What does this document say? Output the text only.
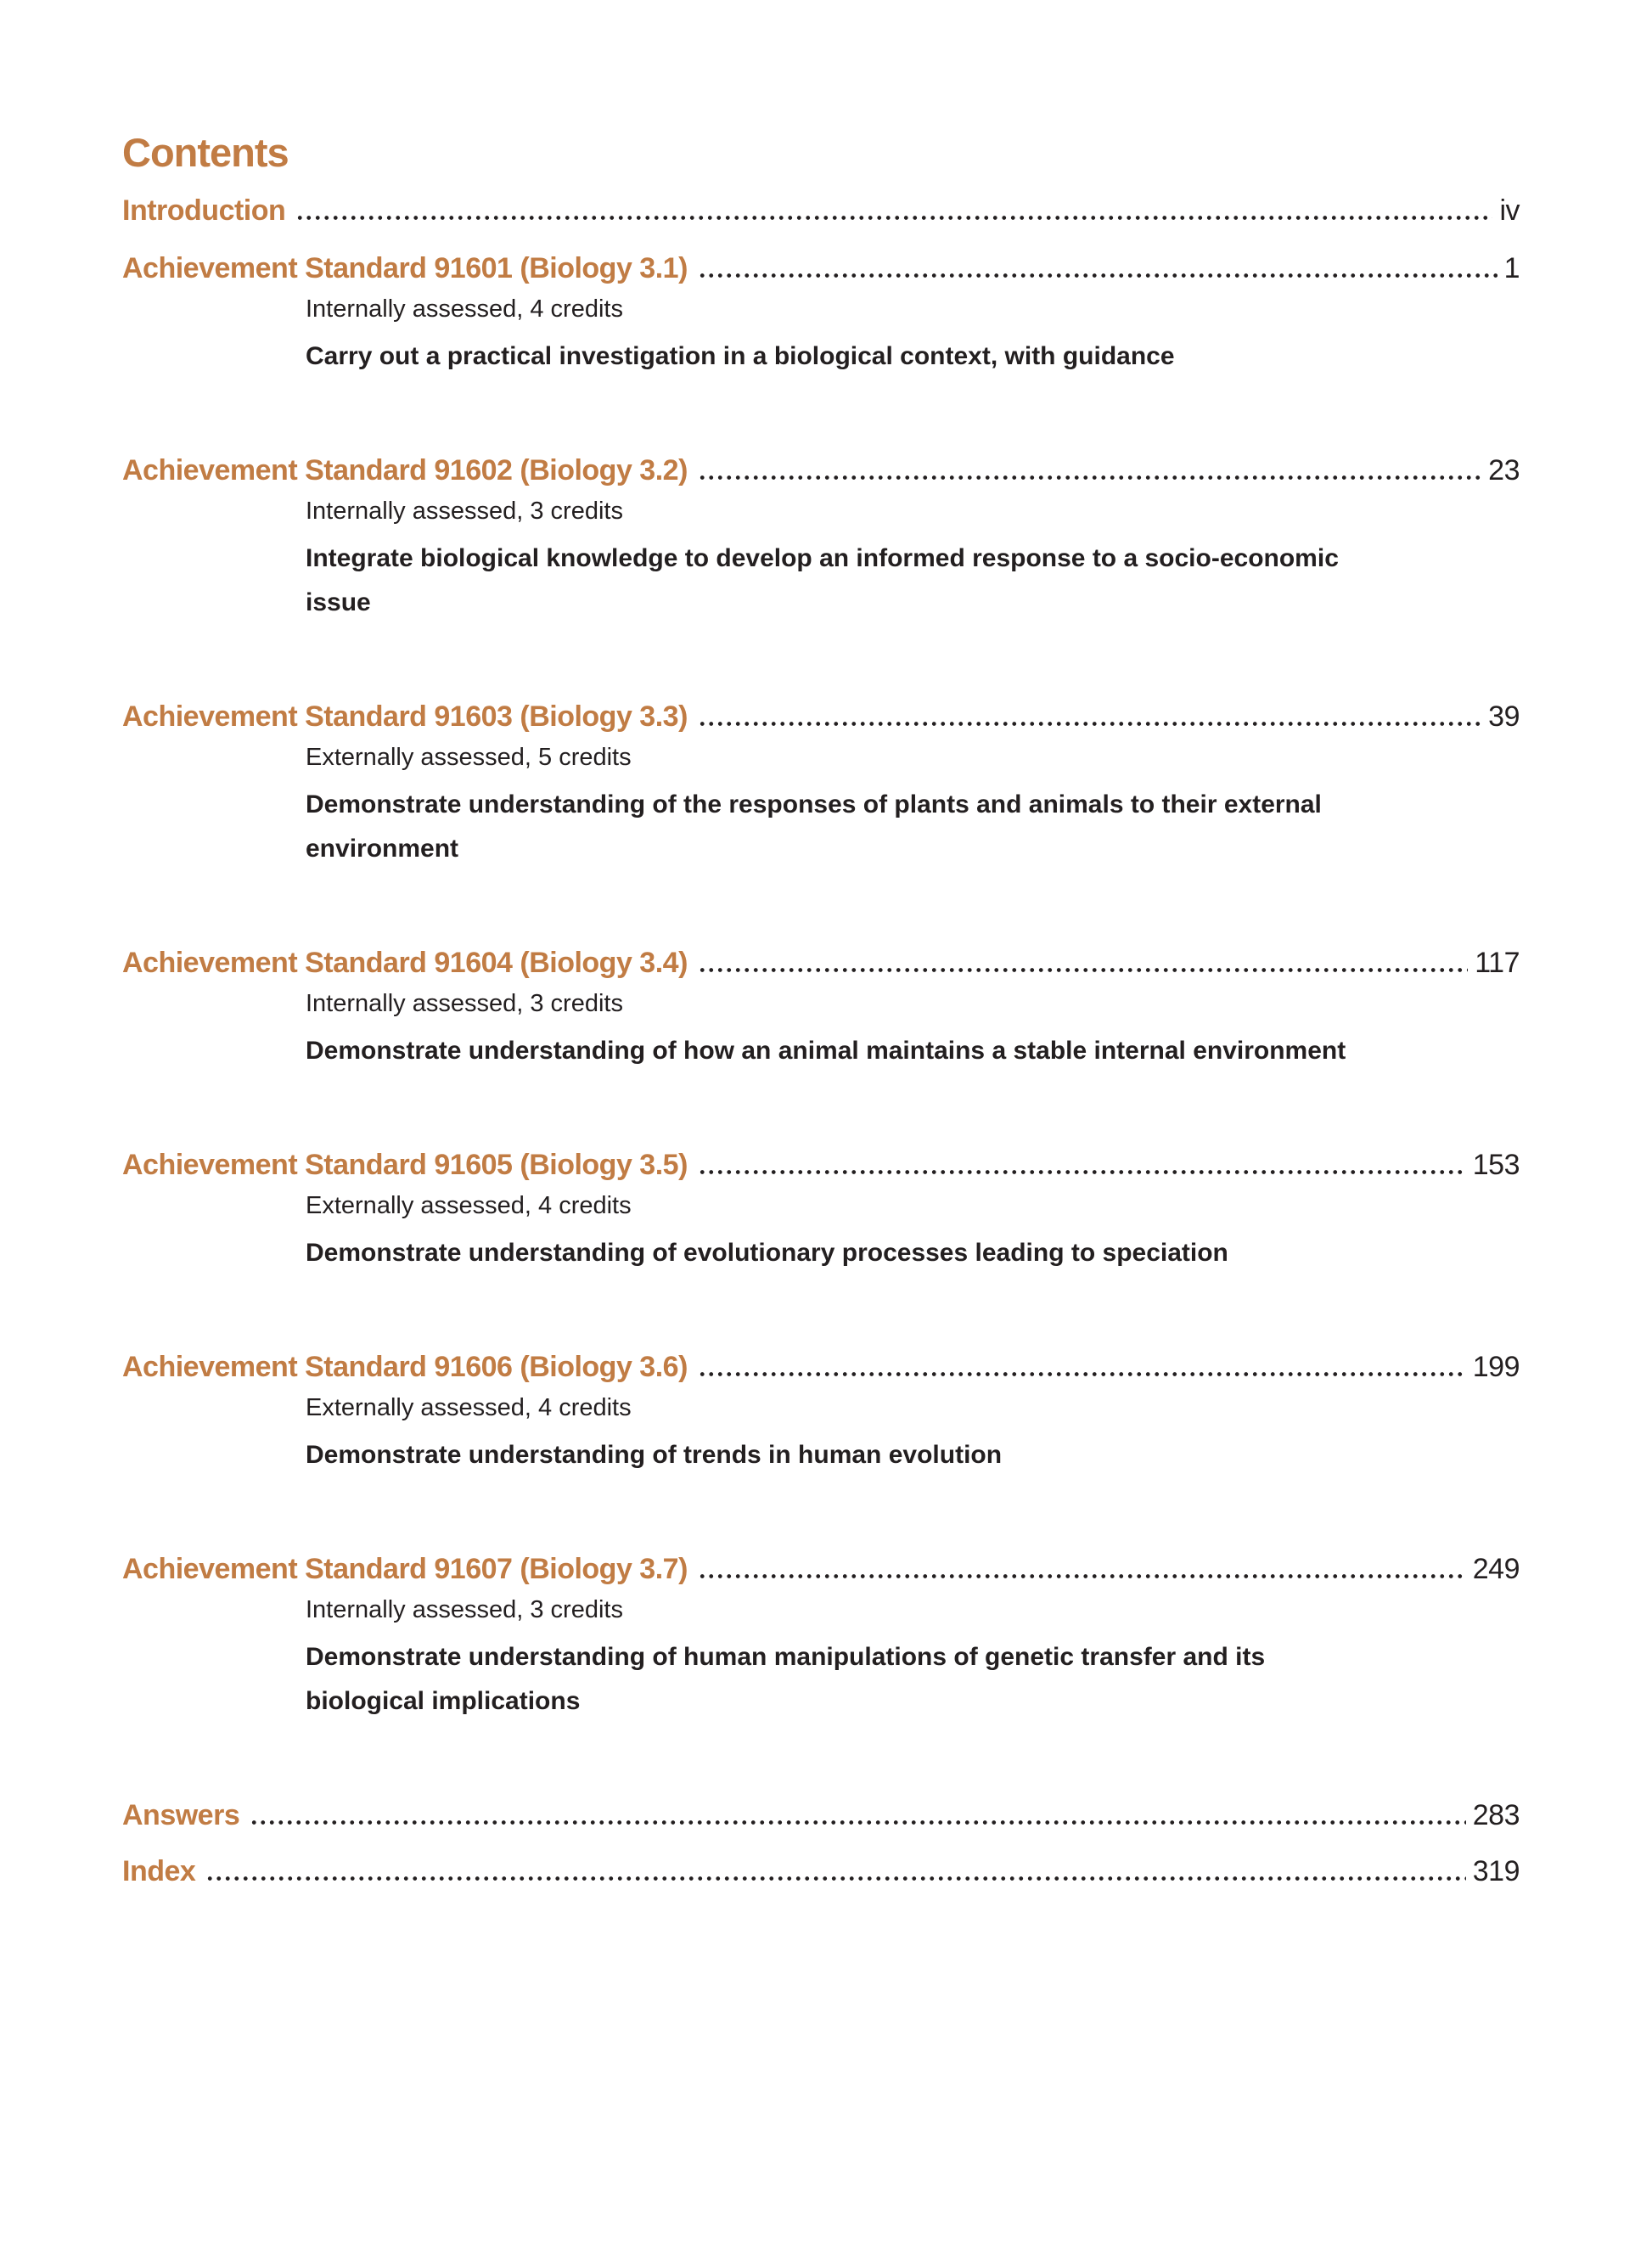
Contents
Introduction	iv
Achievement Standard 91601 (Biology 3.1)	1
Internally assessed, 4 credits
Carry out a practical investigation in a biological context, with guidance
Achievement Standard 91602 (Biology 3.2)	23
Internally assessed, 3 credits
Integrate biological knowledge to develop an informed response to a socio-economic issue
Achievement Standard 91603 (Biology 3.3)	39
Externally assessed, 5 credits
Demonstrate understanding of the responses of plants and animals to their external environment
Achievement Standard 91604 (Biology 3.4)	117
Internally assessed, 3 credits
Demonstrate understanding of how an animal maintains a stable internal environment
Achievement Standard 91605 (Biology 3.5)	153
Externally assessed, 4 credits
Demonstrate understanding of evolutionary processes leading to speciation
Achievement Standard 91606 (Biology 3.6)	199
Externally assessed, 4 credits
Demonstrate understanding of trends in human evolution
Achievement Standard 91607 (Biology 3.7)	249
Internally assessed, 3 credits
Demonstrate understanding of human manipulations of genetic transfer and its biological implications
Answers	283
Index	319
